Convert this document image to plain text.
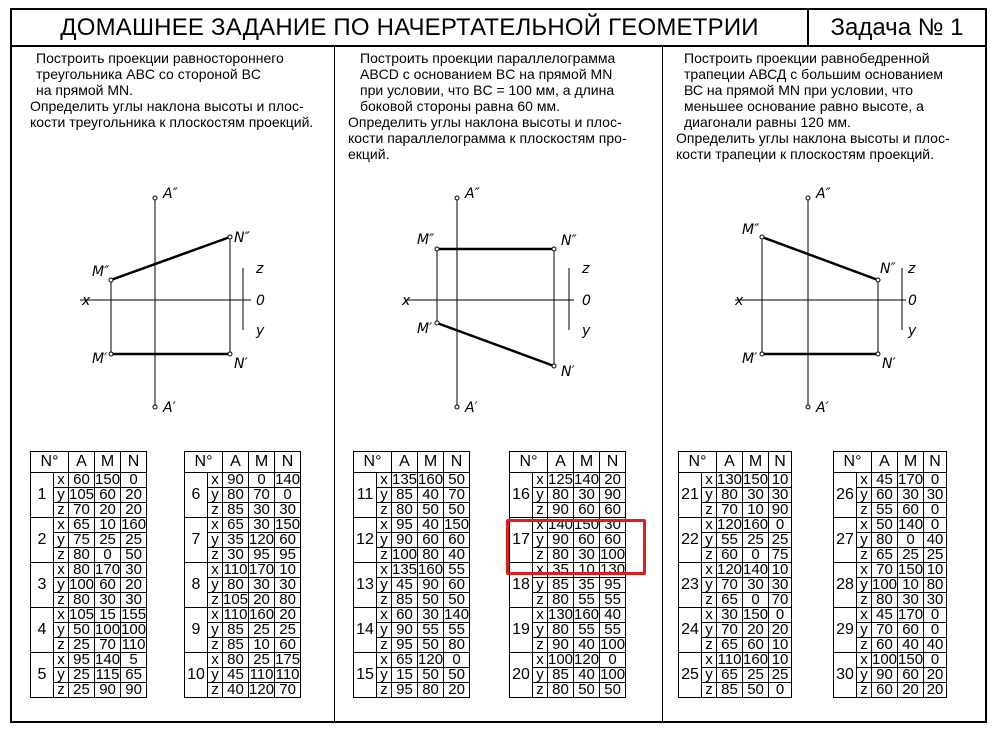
ДОМАШНЕЕ ЗАДАНИЕ ПО НАЧЕРТАТЕЛЬНОЙ ГЕОМЕТРИИ	Задача № 1

Построить проекции равностороннего

треугольника ABC со стороной BC

на прямой MN.

Определить углы наклона высоты и плос-

кости треугольника к плоскостям проекций.

Построить проекции параллелограмма

ABCD с основанием BC на прямой MN

при условии, что BC = 100 мм, а длина

боковой стороны равна 60 мм.

Определить углы наклона высоты и плос-

кости параллелограмма к плоскостям про-

екций.

Построить проекции равнобедренной

трапеции АВСД с большим основанием

ВС на прямой MN при условии, что

меньшее основание равно высоте, а

диагонали равны 120 мм.

Определить углы наклона высоты и плос-

кости трапеции к плоскостям проекций.

A″
A′
M″
M′
N″
N′
x
z
0
y
A″
A′
M″
M′
N″
N′
x
z
0
y
A″
A′
M″
M′
N″
N′
x
z
0
y
N°		A	M	N
1	x	60	150	0
	y	105	60	20
	z	70	20	20
2	x	65	10	160
	y	75	25	25
	z	80	0	50
3	x	80	170	30
	y	100	60	20
	z	80	30	30
4	x	105	15	155
	y	50	100	100
	z	25	70	110
5	x	95	140	5
	y	25	115	65
	z	25	90	90
N°		A	M	N
6	x	90	0	140
	y	80	70	0
	z	85	30	30
7	x	65	30	150
	y	35	120	60
	z	30	95	95
8	x	110	170	10
	y	80	30	30
	z	105	20	80
9	x	110	160	20
	y	85	25	25
	z	85	10	60
10	x	80	25	175
	y	45	110	110
	z	40	120	70
N°		A	M	N
11	x	135	160	50
	y	85	40	70
	z	80	50	50
12	x	95	40	150
	y	90	60	60
	z	100	80	40
13	x	135	160	55
	y	45	90	60
	z	85	50	50
14	x	60	30	140
	y	90	55	55
	z	95	50	80
15	x	65	120	0
	y	15	50	50
	z	95	80	20
N°		A	M	N
16	x	125	140	20
	y	80	30	90
	z	90	60	60
17	x	140	150	30
	y	90	60	60
	z	80	30	100
18	x	35	10	130
	y	85	35	95
	z	80	55	55
19	x	130	160	40
	y	80	55	55
	z	90	40	100
20	x	100	120	0
	y	85	40	100
	z	80	50	50
N°		A	M	N
21	x	130	150	10
	y	80	30	30
	z	70	10	90
22	x	120	160	0
	y	55	25	25
	z	60	0	75
23	x	120	140	10
	y	70	30	30
	z	65	0	70
24	x	30	150	0
	y	70	20	20
	z	65	60	10
25	x	110	160	10
	y	65	25	25
	z	85	50	0
N°		A	M	N
26	x	45	170	0
	y	60	30	30
	z	55	60	0
27	x	50	140	0
	y	80	0	40
	z	65	25	25
28	x	70	150	10
	y	100	10	80
	z	80	30	30
29	x	45	170	0
	y	70	60	0
	z	60	40	40
30	x	100	150	0
	y	90	60	20
	z	60	20	20
